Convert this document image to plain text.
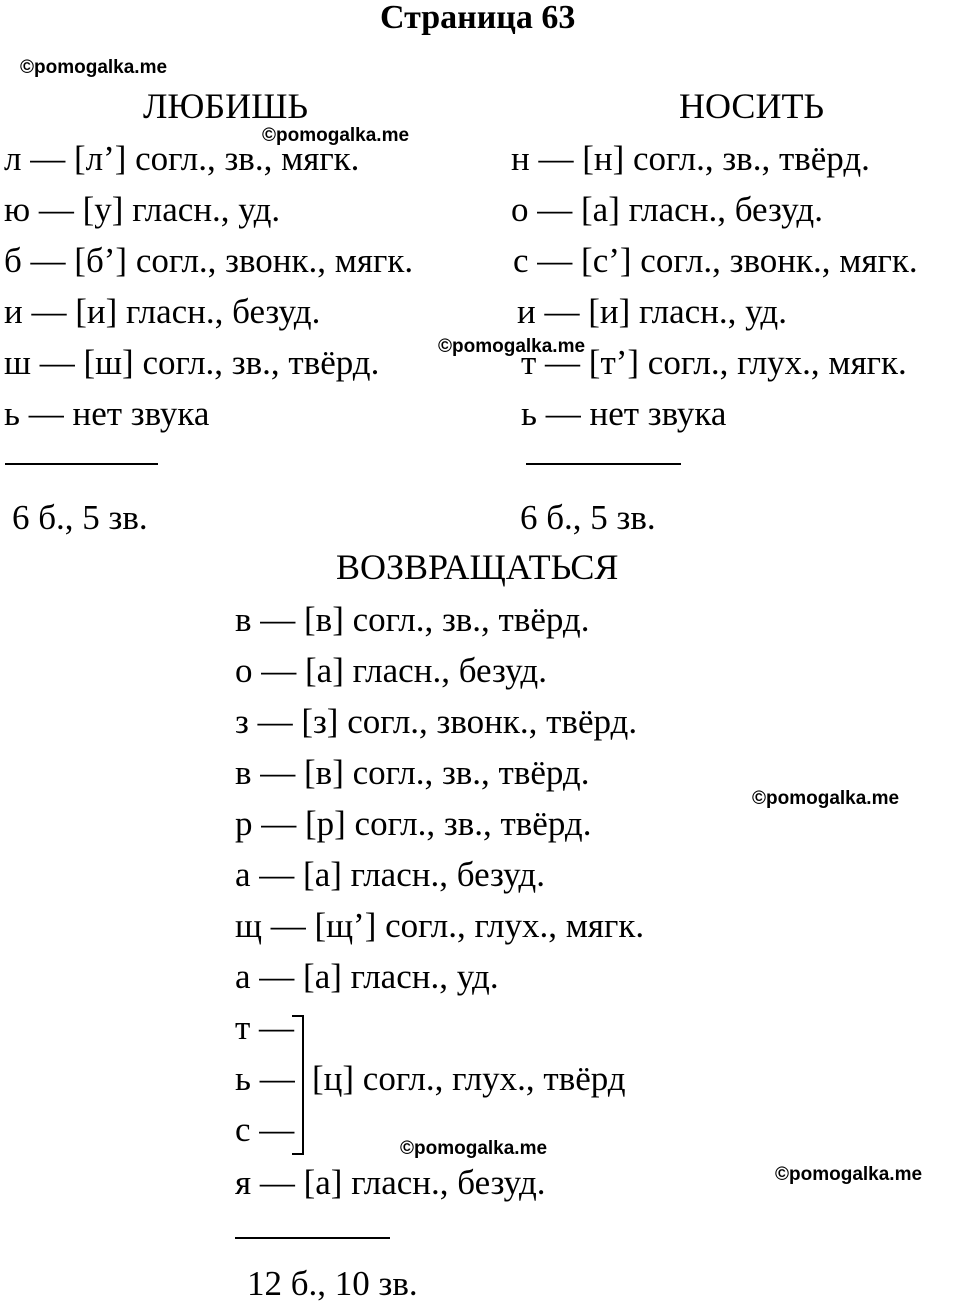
Страница 63
©pomogalka.me
©pomogalka.me
©pomogalka.me
©pomogalka.me
©pomogalka.me
©pomogalka.me
ЛЮБИШЬ
л — [л’] согл., зв., мягк.
ю — [у] гласн., уд.
б — [б’] согл., звонк., мягк.
и — [и] гласн., безуд.
ш — [ш] согл., зв., твёрд.
ь — нет звука
6 б., 5 зв.
НОСИТЬ
н — [н] согл., зв., твёрд.
о — [а] гласн., безуд.
с — [с’] согл., звонк., мягк.
и — [и] гласн., уд.
т — [т’] согл., глух., мягк.
ь — нет звука
6 б., 5 зв.
ВОЗВРАЩАТЬСЯ
в — [в] согл., зв., твёрд.
о — [а] гласн., безуд.
з — [з] согл., звонк., твёрд.
в — [в] согл., зв., твёрд.
р — [р] согл., зв., твёрд.
а — [а] гласн., безуд.
щ — [щ’] согл., глух., мягк.
а — [а] гласн., уд.
т —
ь —
с —
[ц] согл., глух., твёрд
я — [а] гласн., безуд.
12 б., 10 зв.
